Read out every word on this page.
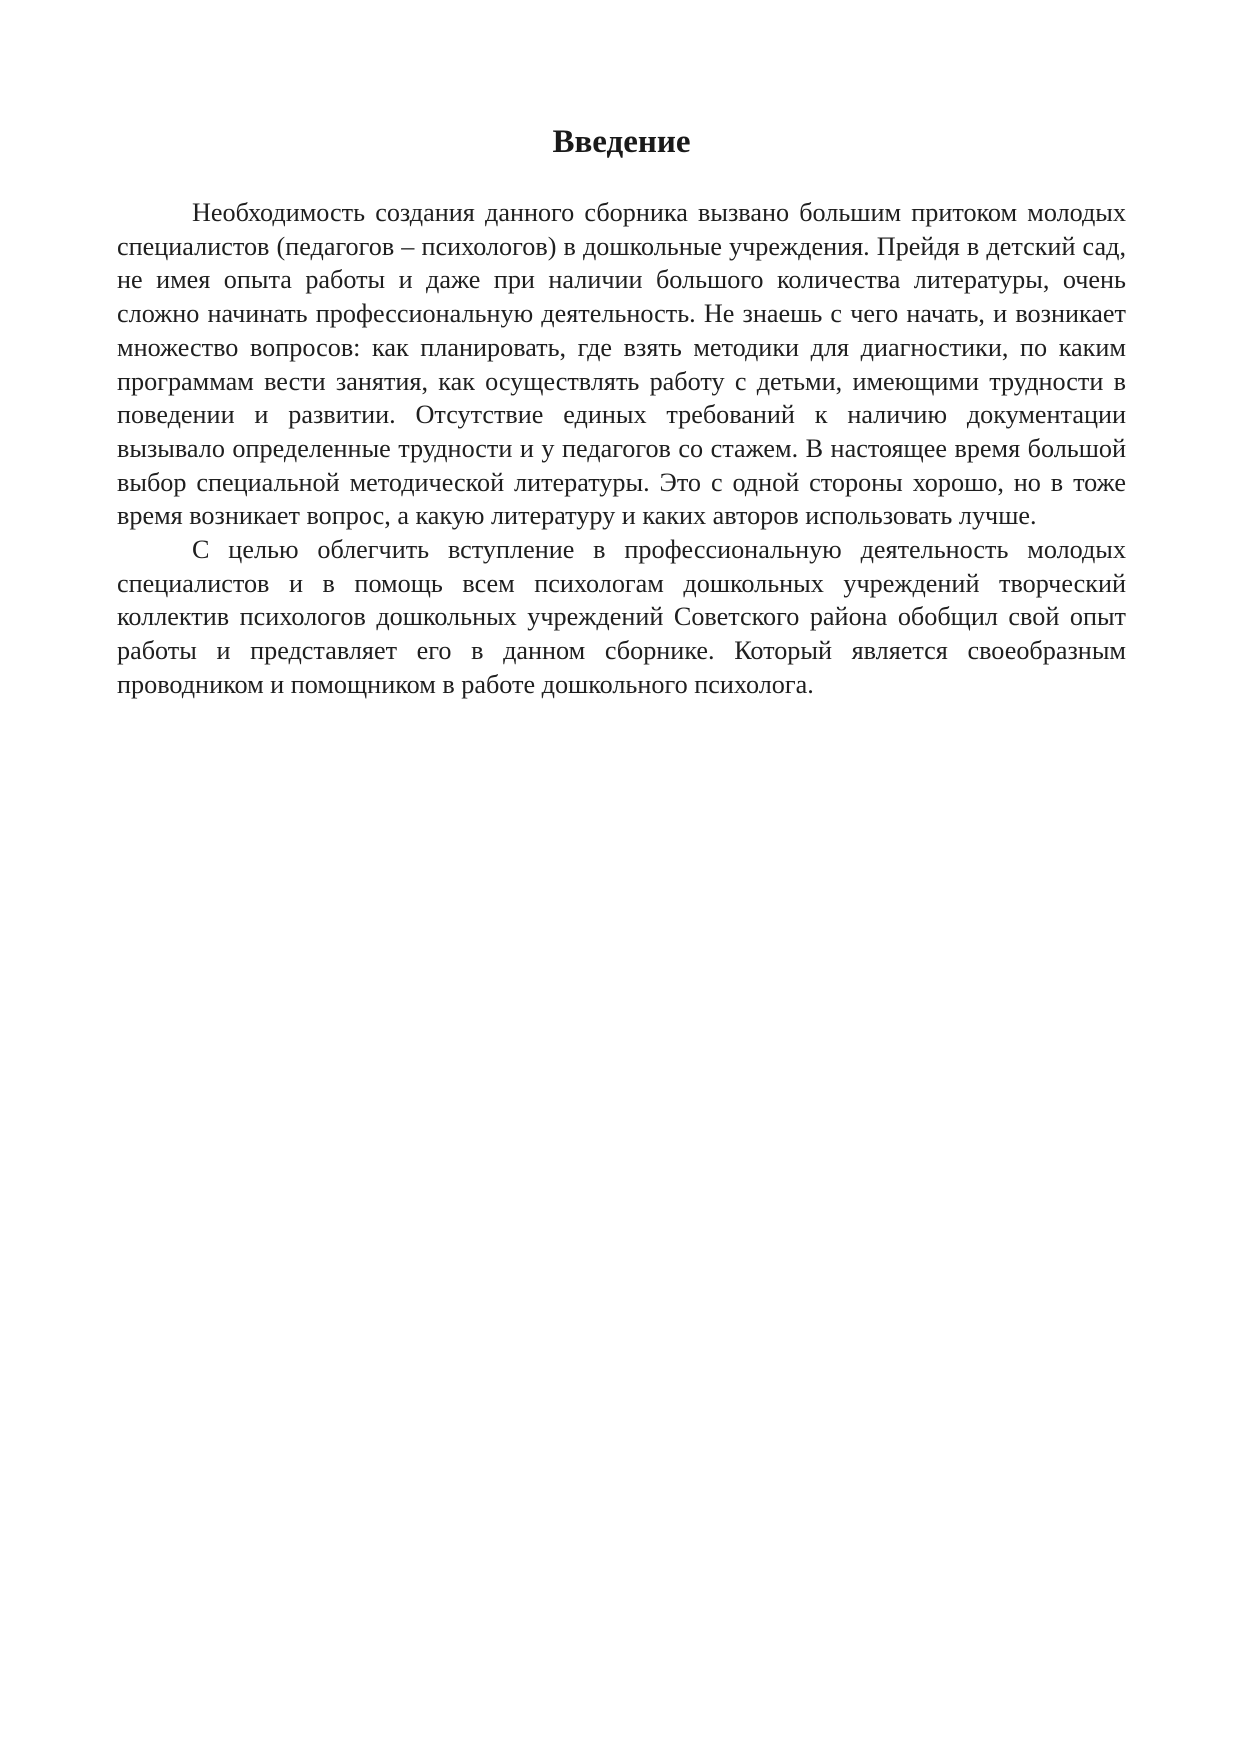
Введение

Необходимость создания данного сборника вызвано большим притоком молодых специалистов (педагогов – психологов) в дошкольные учреждения. Прейдя в детский сад, не имея опыта работы и даже при наличии большого количества литературы, очень сложно начинать профессиональную деятельность. Не знаешь с чего начать, и возникает множество вопросов: как планировать, где взять методики для диагностики, по каким программам вести занятия, как осуществлять работу с детьми, имеющими трудности в поведении и развитии. Отсутствие единых требований к наличию документации вызывало определенные трудности и у педагогов со стажем. В настоящее время большой выбор специальной методической литературы. Это с одной стороны хорошо, но в тоже время возникает вопрос, а какую литературу и каких авторов использовать лучше.

С целью облегчить вступление в профессиональную деятельность молодых специалистов и в помощь всем психологам дошкольных учреждений творческий коллектив психологов дошкольных учреждений Советского района обобщил свой опыт работы и представляет его в данном сборнике. Который является своеобразным проводником и помощником в работе дошкольного психолога.
